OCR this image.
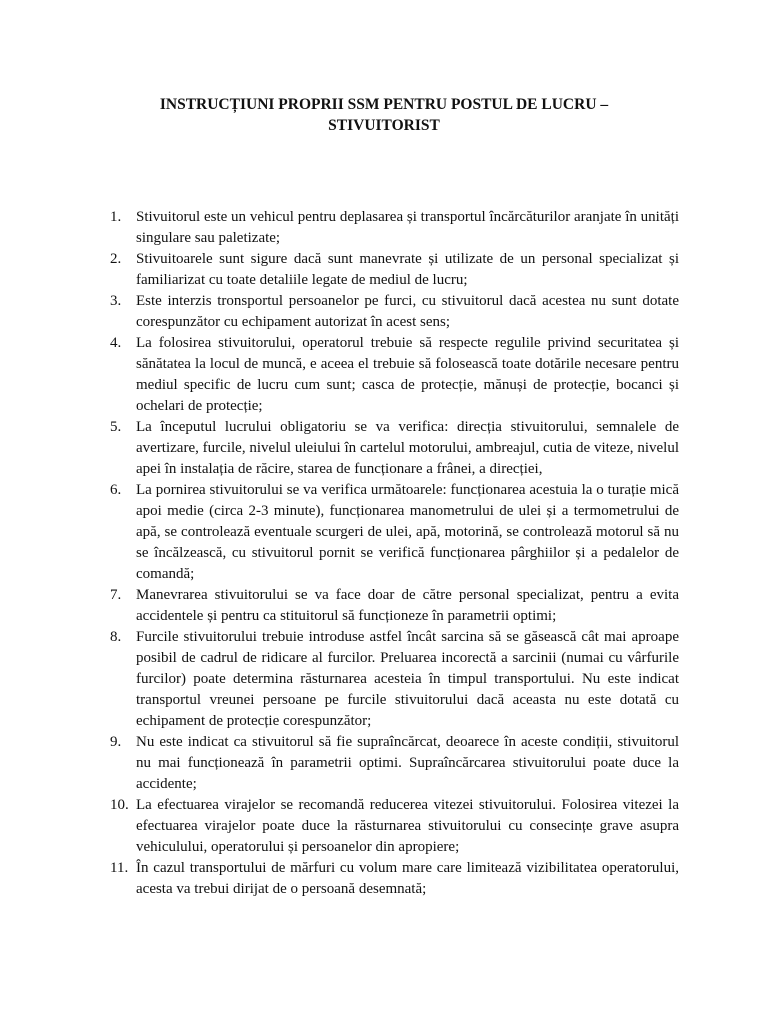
INSTRUCȚIUNI PROPRII SSM PENTRU POSTUL DE LUCRU –
STIVUITORIST
1. Stivuitorul este un vehicul pentru deplasarea și transportul încărcăturilor aranjate în unități singulare sau paletizate;
2. Stivuitoarele sunt sigure dacă sunt manevrate și utilizate de un personal specializat și familiarizat cu toate detaliile legate de mediul de lucru;
3. Este interzis tronsportul persoanelor pe furci, cu stivuitorul dacă acestea nu sunt dotate corespunzător cu echipament autorizat în acest sens;
4. La folosirea stivuitorului, operatorul trebuie să respecte regulile privind securitatea și sănătatea la locul de muncă, e aceea el trebuie să folosească toate dotările necesare pentru mediul specific de lucru cum sunt; casca de protecție, mănuși de protecție, bocanci și ochelari de protecție;
5. La începutul lucrului obligatoriu se va verifica: direcția stivuitorului, semnalele de avertizare, furcile, nivelul uleiului în cartelul motorului, ambreajul, cutia de viteze, nivelul apei în instalația de răcire, starea de funcționare a frânei, a direcției,
6. La pornirea stivuitorului se va verifica următoarele: funcționarea acestuia la o turație mică apoi medie (circa 2-3 minute), funcționarea manometrului de ulei și a termometrului de apă, se controlează eventuale scurgeri de ulei, apă, motorină, se controlează motorul să nu se încălzească, cu stivuitorul pornit se verifică funcționarea pârghiilor și a pedalelor de comandă;
7. Manevrarea stivuitorului se va face doar de către personal specializat, pentru a evita accidentele și pentru ca stituitorul să funcționeze în parametrii optimi;
8. Furcile stivuitorului trebuie introduse astfel încât sarcina să se găsească cât mai aproape posibil de cadrul de ridicare al furcilor. Preluarea incorectă a sarcinii (numai cu vârfurile furcilor) poate determina răsturnarea acesteia în timpul transportului. Nu este indicat transportul vreunei persoane pe furcile stivuitorului dacă aceasta nu este dotată cu echipament de protecție corespunzător;
9. Nu este indicat ca stivuitorul să fie supraîncărcat, deoarece în aceste condiții, stivuitorul nu mai funcționează în parametrii optimi. Supraîncărcarea stivuitorului poate duce la accidente;
10. La efectuarea virajelor se recomandă reducerea vitezei stivuitorului. Folosirea vitezei la efectuarea virajelor poate duce la răsturnarea stivuitorului cu consecințe grave asupra vehiculului, operatorului și persoanelor din apropiere;
11. În cazul transportului de mărfuri cu volum mare care limitează vizibilitatea operatorului, acesta va trebui dirijat de o persoană desemnată;
